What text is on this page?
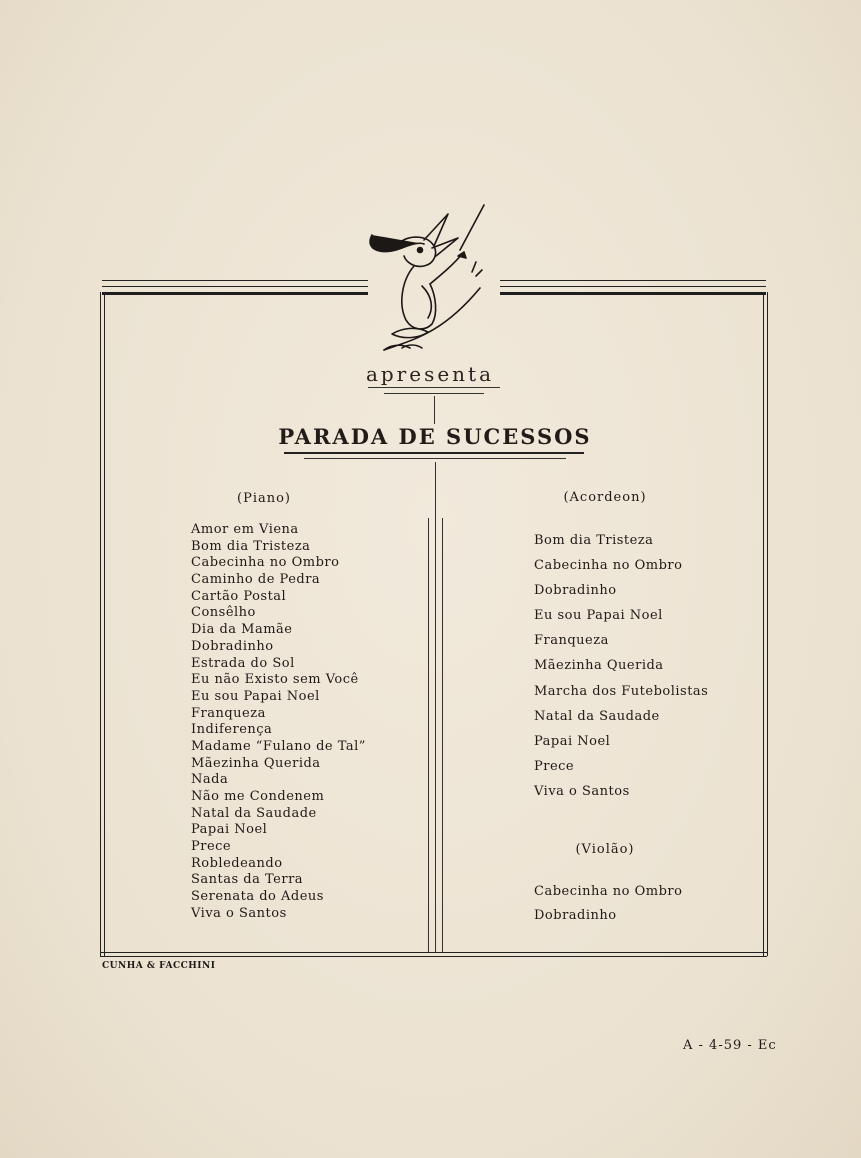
apresenta
PARADA DE SUCESSOS
(Piano)
Amor em Viena
Bom dia Tristeza
Cabecinha no Ombro
Caminho de Pedra
Cartão Postal
Consêlho
Dia da Mamãe
Dobradinho
Estrada do Sol
Eu não Existo sem Você
Eu sou Papai Noel
Franqueza
Indiferença
Madame “Fulano de Tal”
Mãezinha Querida
Nada
Não me Condenem
Natal da Saudade
Papai Noel
Prece
Robledeando
Santas da Terra
Serenata do Adeus
Viva o Santos
(Acordeon)
Bom dia Tristeza
Cabecinha no Ombro
Dobradinho
Eu sou Papai Noel
Franqueza
Mãezinha Querida
Marcha dos Futebolistas
Natal da Saudade
Papai Noel
Prece
Viva o Santos
(Violão)
Cabecinha no Ombro
Dobradinho
CUNHA & FACCHINI
A - 4-59 - Ec
